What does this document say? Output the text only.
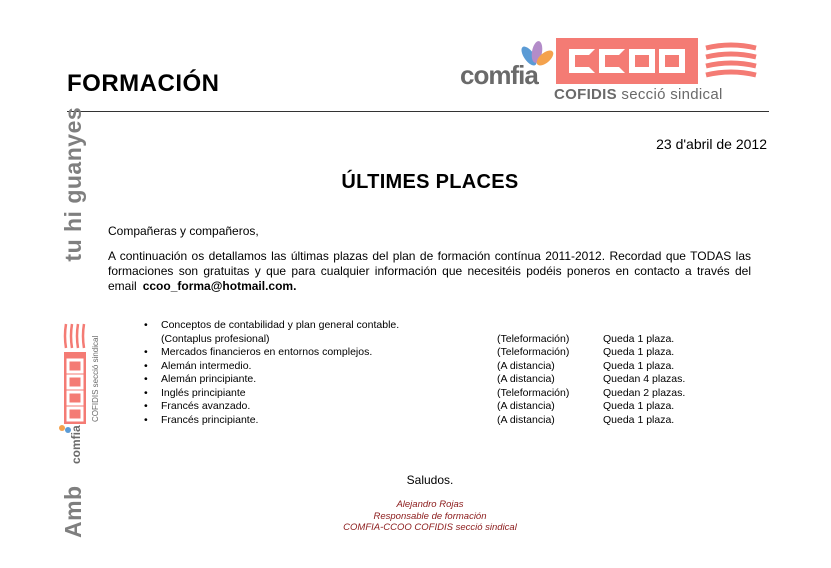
FORMACIÓN	comfia
COFIDIS secció sindical
Amb  tu hi guanyes
comfia
COFIDIS secció sindical
23 d'abril de 2012
ÚLTIMES PLACES
Compañeras y compañeros,
A continuación os detallamos las últimas plazas del plan de formación contínua 2011-2012. Recordad que TODAS las formaciones son gratuitas y que para cualquier información que necesitéis podéis poneros en contacto a través del email ccoo_forma@hotmail.com.
• Conceptos de contabilidad y plan general contable.
(Contaplus profesional)	(Teleformación)	Queda 1 plaza.
• Mercados financieros en entornos complejos.	(Teleformación)	Queda 1 plaza.
• Alemán intermedio.	(A distancia)	Queda 1 plaza.
• Alemán principiante.	(A distancia)	Quedan 4 plazas.
• Inglés principiante	(Teleformación)	Quedan 2 plazas.
• Francés avanzado.	(A distancia)	Queda 1 plaza.
• Francés principiante.	(A distancia)	Queda 1 plaza.
Saludos.
Alejandro Rojas
Responsable de formación
COMFIA-CCOO COFIDIS secció sindical
